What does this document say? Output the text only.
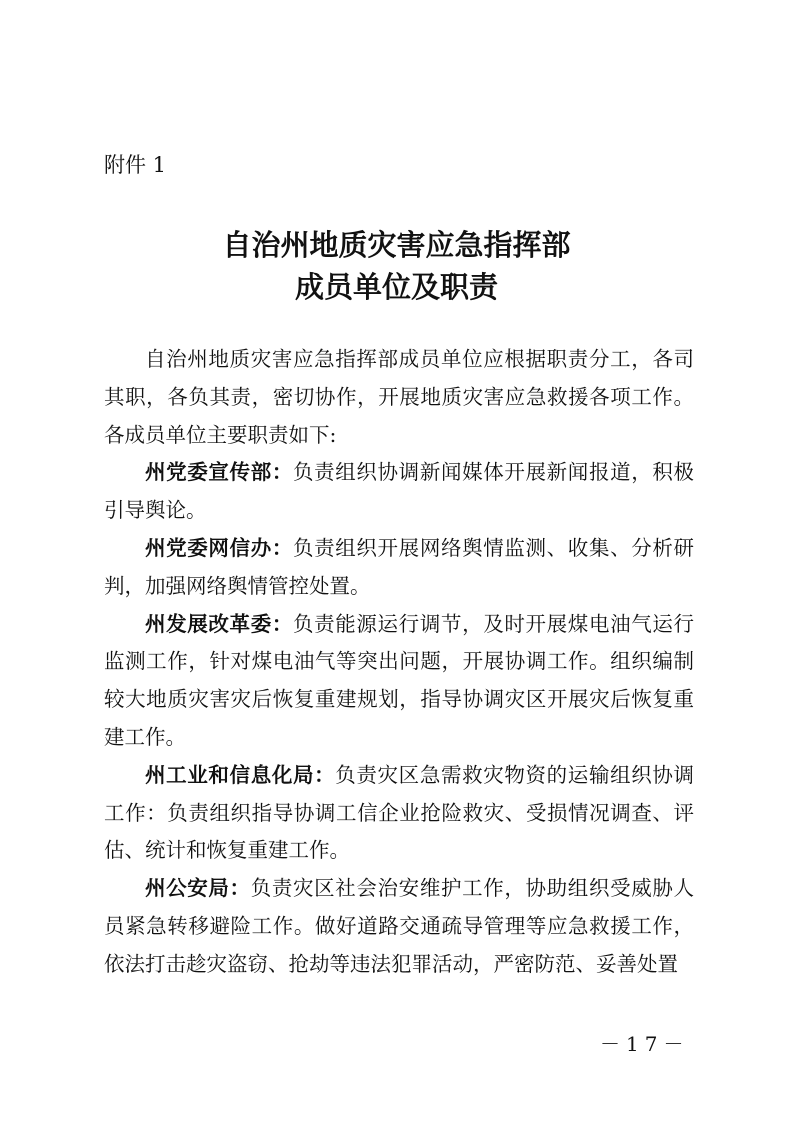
附件 1
自治州地质灾害应急指挥部
成员单位及职责

自治州地质灾害应急指挥部成员单位应根据职责分工，各司其职，各负其责，密切协作，开展地质灾害应急救援各项工作。各成员单位主要职责如下:

州党委宣传部：负责组织协调新闻媒体开展新闻报道，积极引导舆论。

州党委网信办：负责组织开展网络舆情监测、收集、分析研判，加强网络舆情管控处置。

州发展改革委：负责能源运行调节，及时开展煤电油气运行监测工作，针对煤电油气等突出问题，开展协调工作。组织编制较大地质灾害灾后恢复重建规划，指导协调灾区开展灾后恢复重建工作。

州工业和信息化局：负责灾区急需救灾物资的运输组织协调工作：负责组织指导协调工信企业抢险救灾、受损情况调查、评估、统计和恢复重建工作。

州公安局：负责灾区社会治安维护工作，协助组织受威胁人员紧急转移避险工作。做好道路交通疏导管理等应急救援工作，依法打击趁灾盗窃、抢劫等违法犯罪活动，严密防范、妥善处置

－17－
